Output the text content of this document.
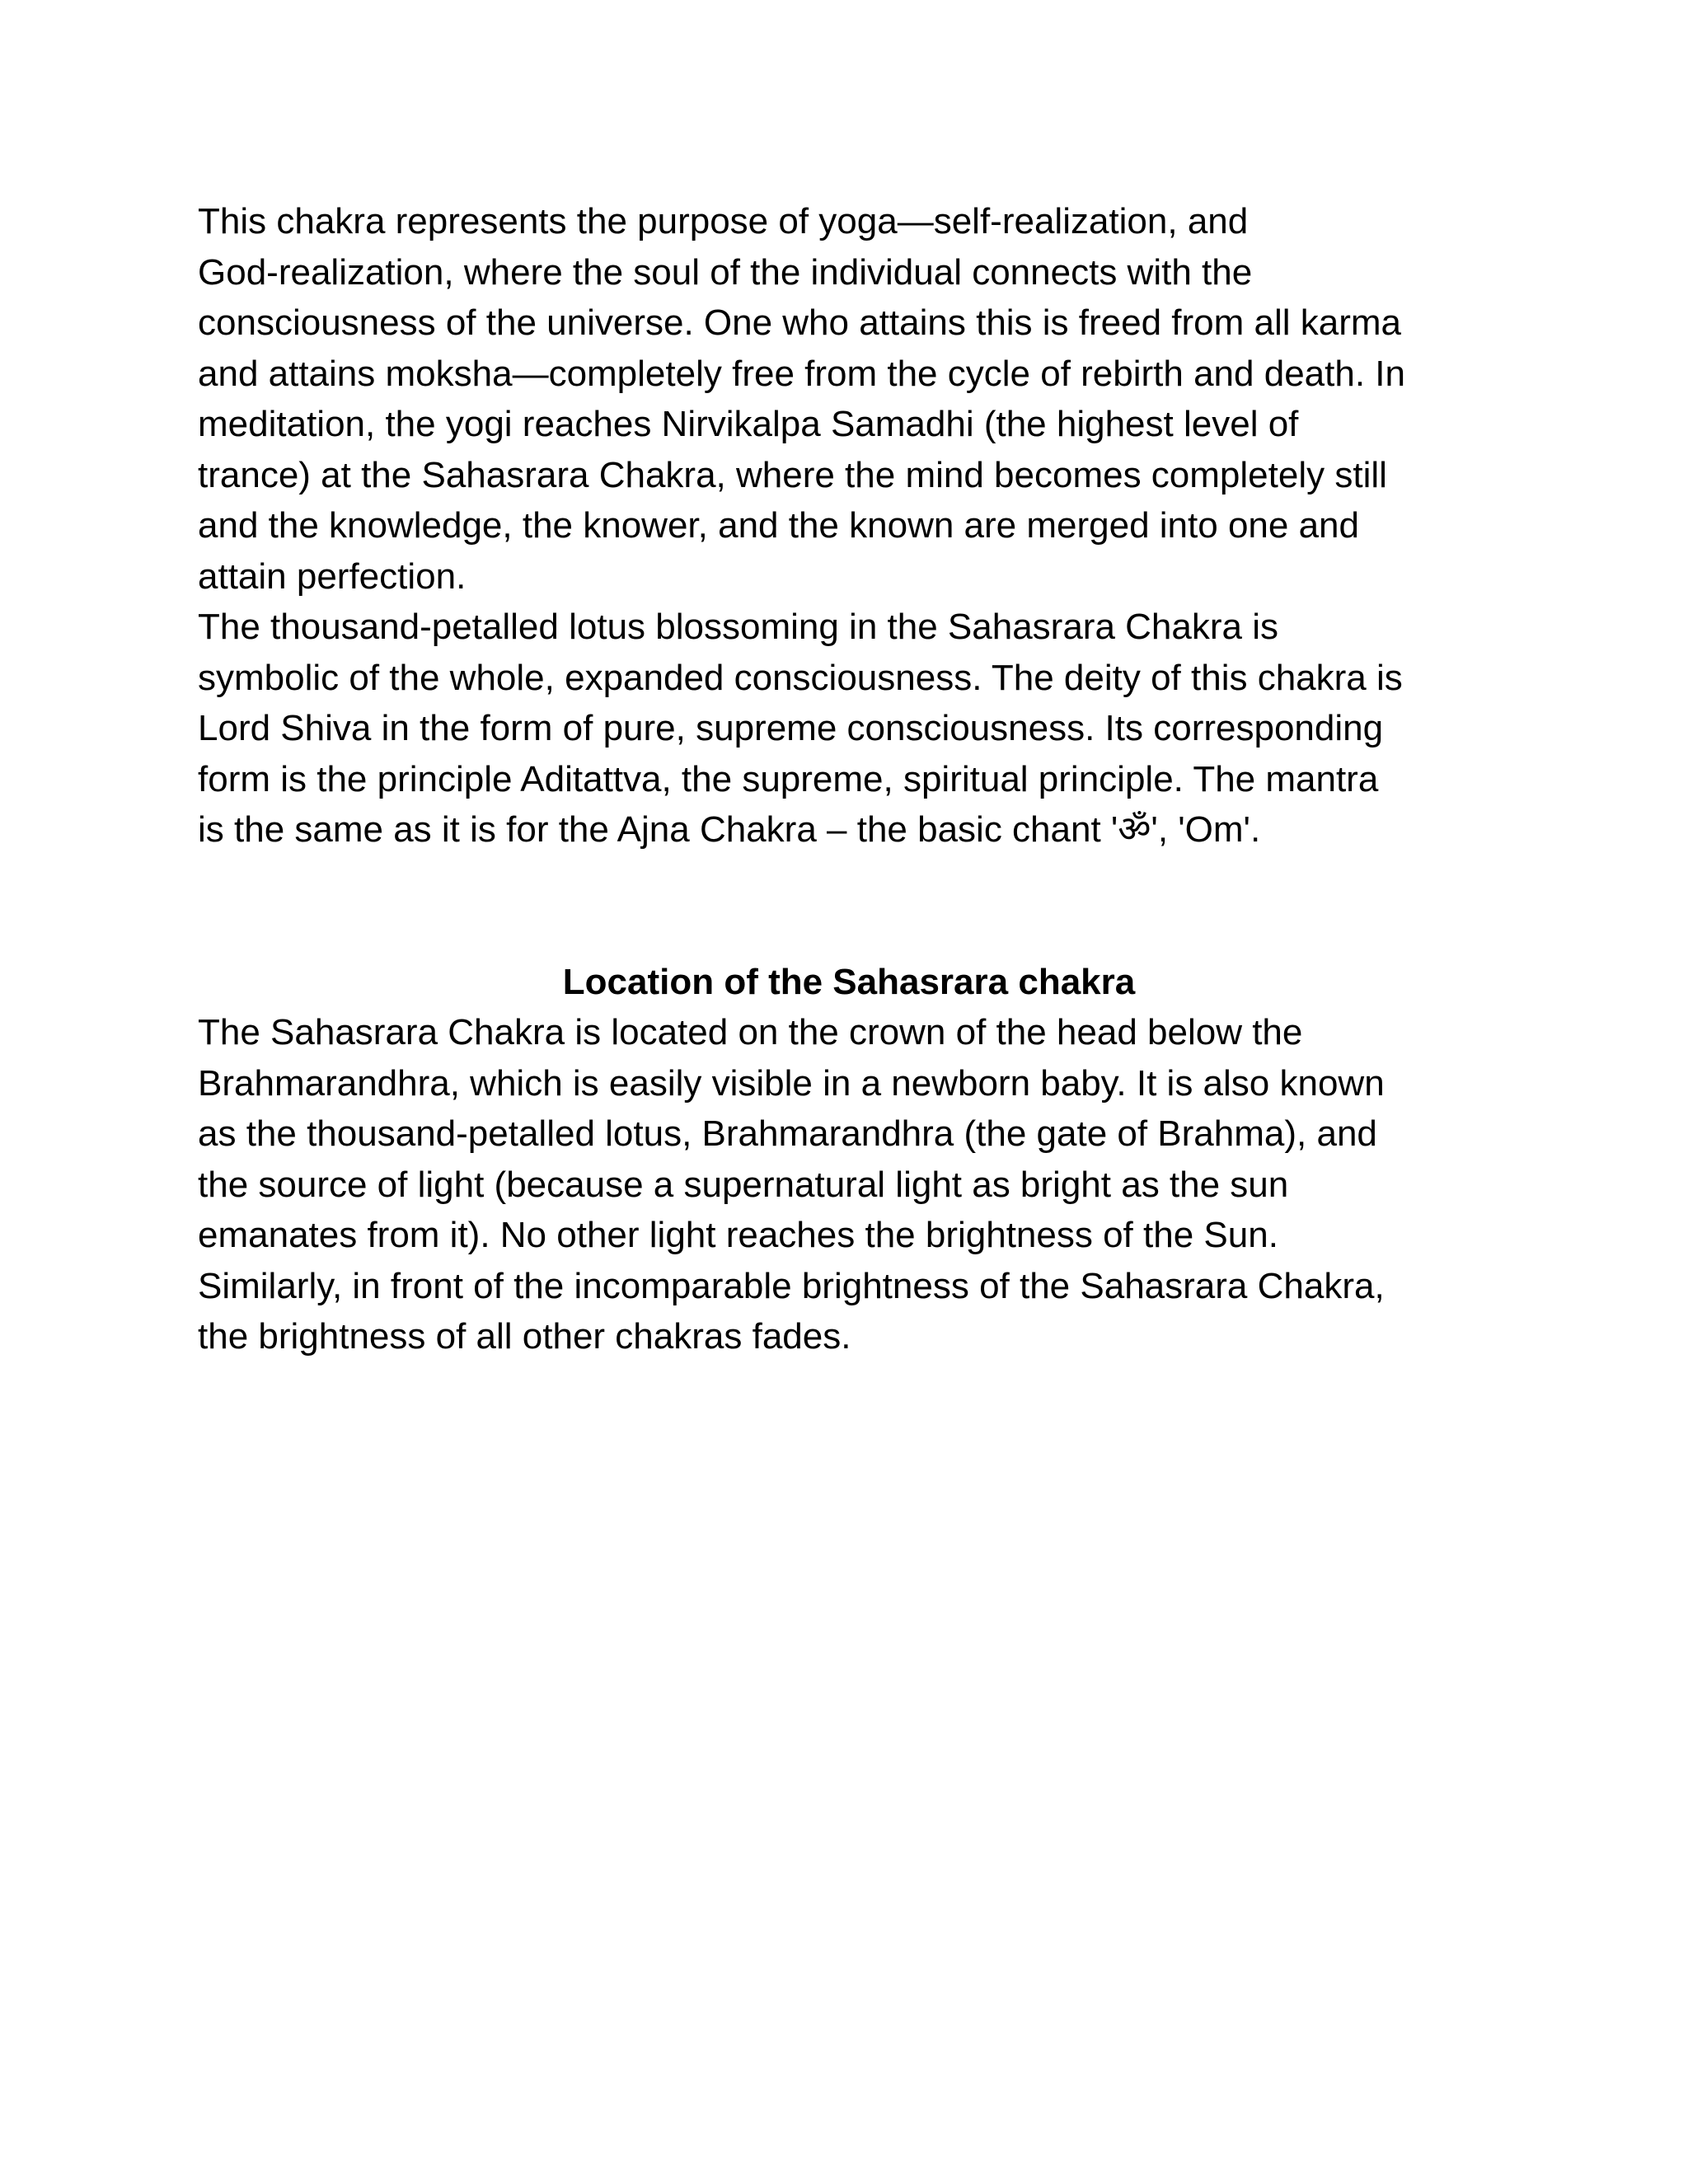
This chakra represents the purpose of yoga—self-realization, and
God-realization, where the soul of the individual connects with the
consciousness of the universe. One who attains this is freed from all karma
and attains moksha—completely free from the cycle of rebirth and death. In
meditation, the yogi reaches Nirvikalpa Samadhi (the highest level of
trance) at the Sahasrara Chakra, where the mind becomes completely still
and the knowledge, the knower, and the known are merged into one and
attain perfection.

The thousand-petalled lotus blossoming in the Sahasrara Chakra is
symbolic of the whole, expanded consciousness. The deity of this chakra is
Lord Shiva in the form of pure, supreme consciousness. Its corresponding
form is the principle Aditattva, the supreme, spiritual principle. The mantra
is the same as it is for the Ajna Chakra – the basic chant 'ॐ', 'Om'.

Location of the Sahasrara chakra

The Sahasrara Chakra is located on the crown of the head below the
Brahmarandhra, which is easily visible in a newborn baby. It is also known
as the thousand-petalled lotus, Brahmarandhra (the gate of Brahma), and
the source of light (because a supernatural light as bright as the sun
emanates from it). No other light reaches the brightness of the Sun.
Similarly, in front of the incomparable brightness of the Sahasrara Chakra,
the brightness of all other chakras fades.
